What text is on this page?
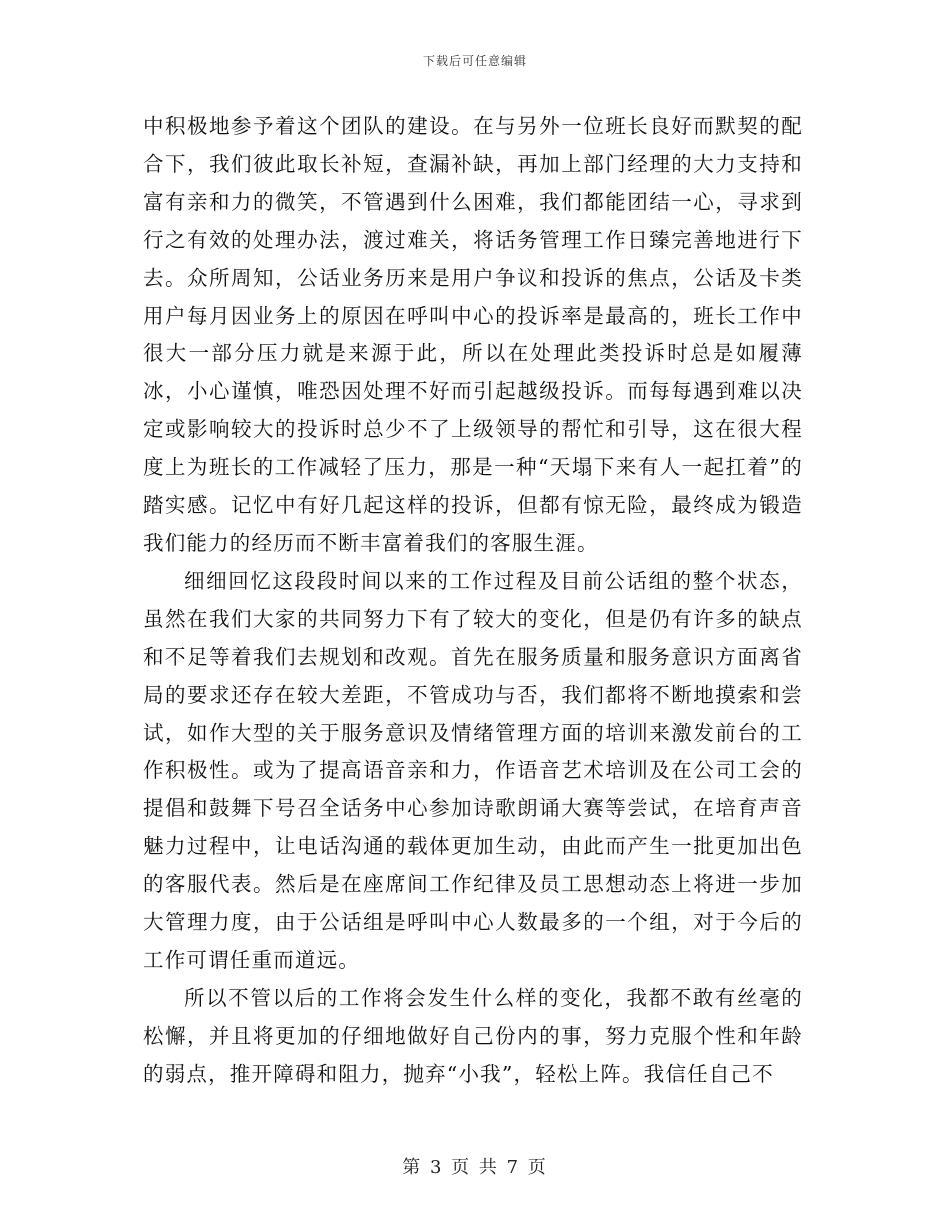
下载后可任意编辑

中积极地参予着这个团队的建设。在与另外一位班长良好而默契的配合下，我们彼此取长补短，查漏补缺，再加上部门经理的大力支持和富有亲和力的微笑，不管遇到什么困难，我们都能团结一心，寻求到行之有效的处理办法，渡过难关，将话务管理工作日臻完善地进行下去。众所周知，公话业务历来是用户争议和投诉的焦点，公话及卡类用户每月因业务上的原因在呼叫中心的投诉率是最高的，班长工作中很大一部分压力就是来源于此，所以在处理此类投诉时总是如履薄冰，小心谨慎，唯恐因处理不好而引起越级投诉。而每每遇到难以决定或影响较大的投诉时总少不了上级领导的帮忙和引导，这在很大程度上为班长的工作减轻了压力，那是一种“天塌下来有人一起扛着”的踏实感。记忆中有好几起这样的投诉，但都有惊无险，最终成为锻造我们能力的经历而不断丰富着我们的客服生涯。

细细回忆这段段时间以来的工作过程及目前公话组的整个状态，虽然在我们大家的共同努力下有了较大的变化，但是仍有许多的缺点和不足等着我们去规划和改观。首先在服务质量和服务意识方面离省局的要求还存在较大差距，不管成功与否，我们都将不断地摸索和尝试，如作大型的关于服务意识及情绪管理方面的培训来激发前台的工作积极性。或为了提高语音亲和力，作语音艺术培训及在公司工会的提倡和鼓舞下号召全话务中心参加诗歌朗诵大赛等尝试，在培育声音魅力过程中，让电话沟通的载体更加生动，由此而产生一批更加出色的客服代表。然后是在座席间工作纪律及员工思想动态上将进一步加大管理力度，由于公话组是呼叫中心人数最多的一个组，对于今后的工作可谓任重而道远。

所以不管以后的工作将会发生什么样的变化，我都不敢有丝毫的松懈，并且将更加的仔细地做好自己份内的事，努力克服个性和年龄的弱点，推开障碍和阻力，抛弃“小我”，轻松上阵。我信任自己不

第 3 页 共 7 页
